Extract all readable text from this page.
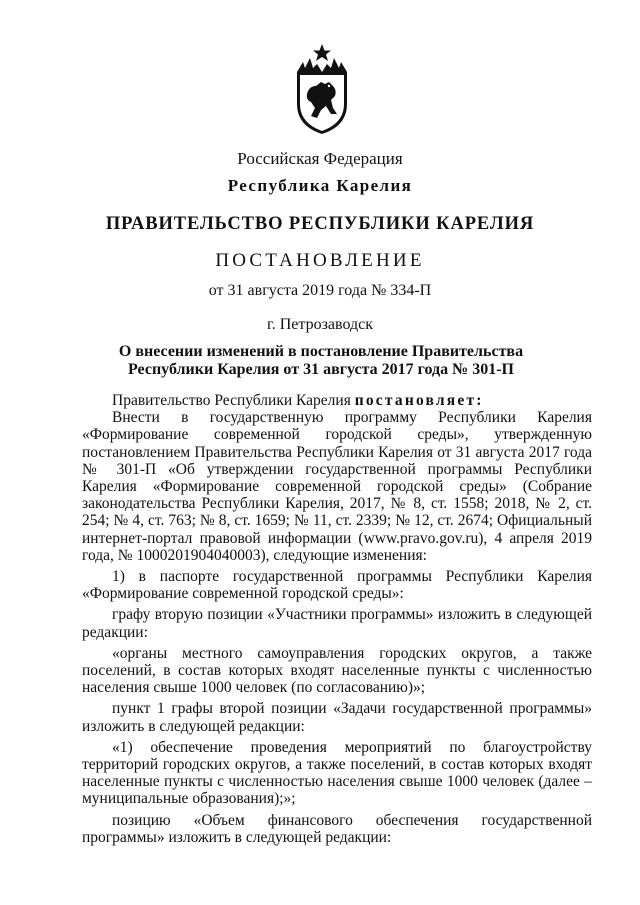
Российская Федерация
Республика Карелия
ПРАВИТЕЛЬСТВО РЕСПУБЛИКИ КАРЕЛИЯ
ПОСТАНОВЛЕНИЕ
от 31 августа 2019 года № 334-П
г. Петрозаводск
О внесении изменений в постановление Правительства
Республики Карелия от 31 августа 2017 года № 301-П

Правительство Республики Карелия постановляет:

Внести в государственную программу Республики Карелия «Формирование современной городской среды», утвержденную постановлением Правительства Республики Карелия от 31 августа 2017 года № 301-П «Об утверждении государственной программы Республики Карелия «Формирование современной городской среды» (Собрание законодательства Республики Карелия, 2017, № 8, ст. 1558; 2018, № 2, ст. 254; № 4, ст. 763; № 8, ст. 1659; № 11, ст. 2339; № 12, ст. 2674; Официальный интернет-портал правовой информации (www.pravo.gov.ru), 4 апреля 2019 года, № 1000201904040003), следующие изменения:

1) в паспорте государственной программы Республики Карелия «Формирование современной городской среды»:

графу вторую позиции «Участники программы» изложить в следующей редакции:

«органы местного самоуправления городских округов, а также поселений, в состав которых входят населенные пункты с численностью населения свыше 1000 человек (по согласованию)»;

пункт 1 графы второй позиции «Задачи государственной программы» изложить в следующей редакции:

«1) обеспечение проведения мероприятий по благоустройству территорий городских округов, а также поселений, в состав которых входят населенные пункты с численностью населения свыше 1000 человек (далее – муниципальные образования);»;

позицию «Объем финансового обеспечения государственной программы» изложить в следующей редакции:
